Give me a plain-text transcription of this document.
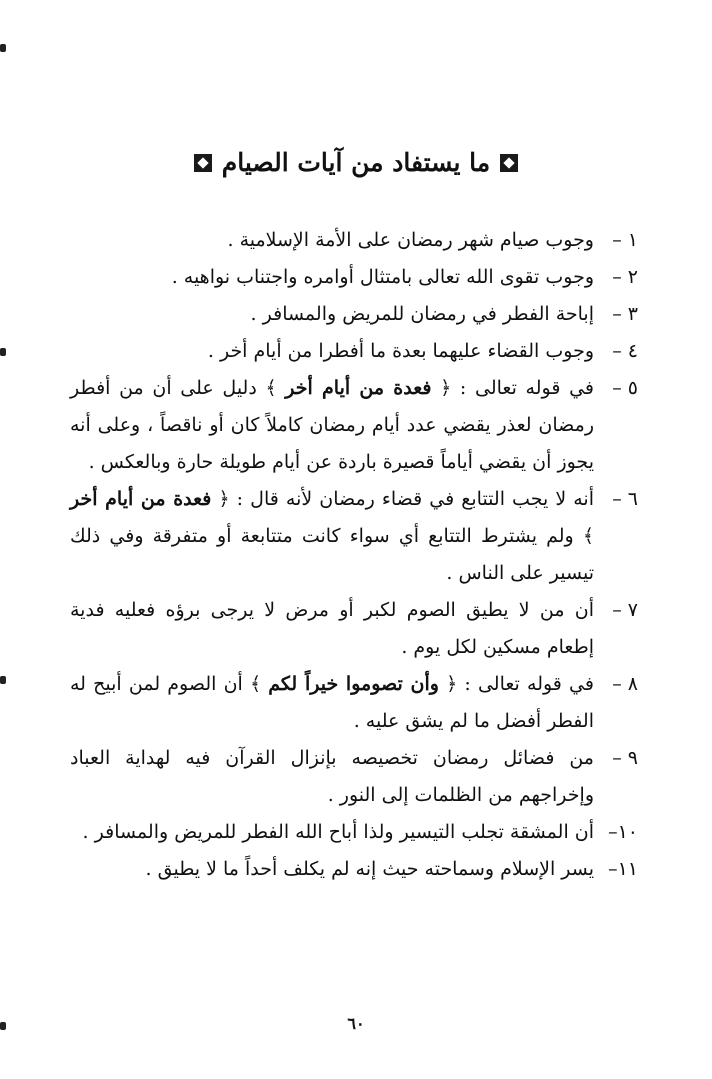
ما يستفاد من آيات الصيام
١ –
وجوب صيام شهر رمضان على الأمة الإسلامية .
٢ –
وجوب تقوى الله تعالى بامتثال أوامره واجتناب نواهيه .
٣ –
إباحة الفطر في رمضان للمريض والمسافر .
٤ –
وجوب القضاء عليهما بعدة ما أفطرا من أيام أخر .
٥ –
في قوله تعالى : ﴿ فعدة من أيام أخر ﴾ دليل على أن من أفطر رمضان لعذر يقضي عدد أيام رمضان كاملاً كان أو ناقصاً ، وعلى أنه يجوز أن يقضي أياماً قصيرة باردة عن أيام طويلة حارة وبالعكس .
٦ –
أنه لا يجب التتابع في قضاء رمضان لأنه قال : ﴿ فعدة من أيام أخر ﴾ ولم يشترط التتابع أي سواء كانت متتابعة أو متفرقة وفي ذلك تيسير على الناس .
٧ –
أن من لا يطيق الصوم لكبر أو مرض لا يرجى برؤه فعليه فدية إطعام مسكين لكل يوم .
٨ –
في قوله تعالى : ﴿ وأن تصوموا خيراً لكم ﴾ أن الصوم لمن أبيح له الفطر أفضل ما لم يشق عليه .
٩ –
من فضائل رمضان تخصيصه بإنزال القرآن فيه لهداية العباد وإخراجهم من الظلمات إلى النور .
١٠–
أن المشقة تجلب التيسير ولذا أباح الله الفطر للمريض والمسافر .
١١–
يسر الإسلام وسماحته حيث إنه لم يكلف أحداً ما لا يطيق .
٦٠
